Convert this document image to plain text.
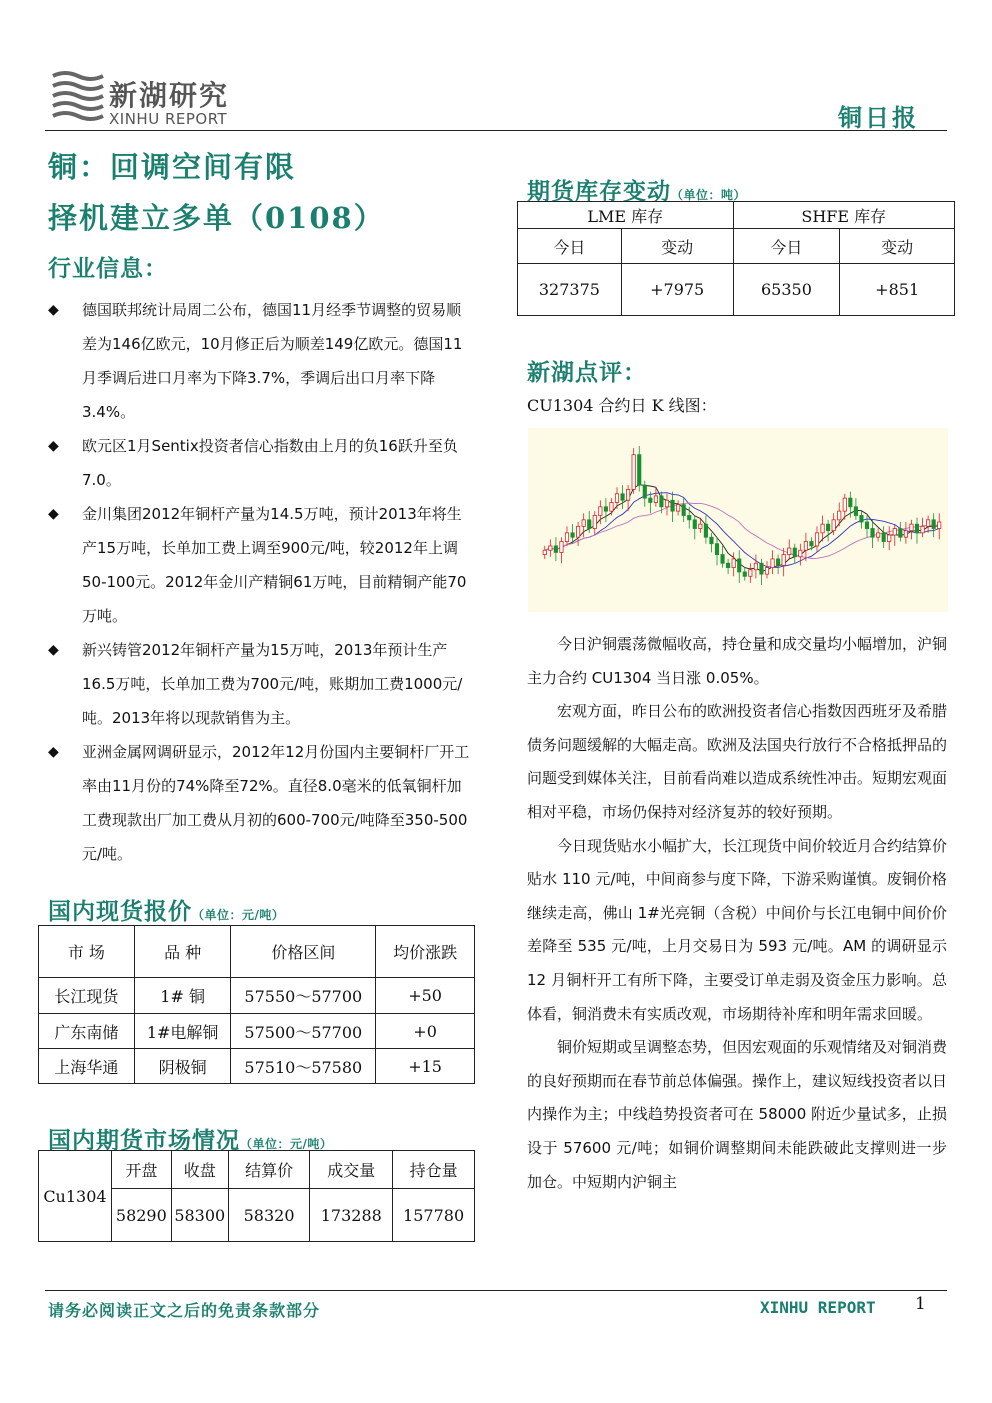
新湖研究
XINHU REPORT	铜日报
铜：回调空间有限
择机建立多单（0108）
行业信息：
◆ 德国联邦统计局周二公布，德国11月经季节调整的贸易顺差为146亿欧元，10月修正后为顺差149亿欧元。德国11月季调后进口月率为下降3.7%，季调后出口月率下降3.4%。
◆ 欧元区1月Sentix投资者信心指数由上月的负16跃升至负7.0。
◆ 金川集团2012年铜杆产量为14.5万吨，预计2013年将生产15万吨，长单加工费上调至900元/吨，较2012年上调50-100元。2012年金川产精铜61万吨，目前精铜产能70万吨。
◆ 新兴铸管2012年铜杆产量为15万吨，2013年预计生产16.5万吨，长单加工费为700元/吨，账期加工费1000元/吨。2013年将以现款销售为主。
◆ 亚洲金属网调研显示，2012年12月份国内主要铜杆厂开工率由11月份的74%降至72%。直径8.0毫米的低氧铜杆加工费现款出厂加工费从月初的600-700元/吨降至350-500元/吨。
国内现货报价（单位：元/吨）
市 场	品 种	价格区间	均价涨跌
长江现货	1# 铜	57550～57700	+50
广东南储	1#电解铜	57500～57700	+0
上海华通	阴极铜	57510～57580	+15
国内期货市场情况（单位：元/吨）
Cu1304	开盘	收盘	结算价	成交量	持仓量
	58290	58300	58320	173288	157780
期货库存变动（单位：吨）
LME 库存		SHFE 库存	
今日	变动	今日	变动
327375	+7975	65350	+851
新湖点评：
CU1304 合约日 K 线图：

今日沪铜震荡微幅收高，持仓量和成交量均小幅增加，沪铜主力合约 CU1304 当日涨 0.05%。

宏观方面，昨日公布的欧洲投资者信心指数因西班牙及希腊债务问题缓解的大幅走高。欧洲及法国央行放行不合格抵押品的问题受到媒体关注，目前看尚难以造成系统性冲击。短期宏观面相对平稳，市场仍保持对经济复苏的较好预期。

今日现货贴水小幅扩大，长江现货中间价较近月合约结算价贴水 110 元/吨，中间商参与度下降，下游采购谨慎。废铜价格继续走高，佛山 1#光亮铜（含税）中间价与长江电铜中间价价差降至 535 元/吨，上月交易日为 593 元/吨。AM 的调研显示 12 月铜杆开工有所下降，主要受订单走弱及资金压力影响。总体看，铜消费未有实质改观，市场期待补库和明年需求回暖。

铜价短期或呈调整态势，但因宏观面的乐观情绪及对铜消费的良好预期而在春节前总体偏强。操作上，建议短线投资者以日内操作为主；中线趋势投资者可在 58000 附近少量试多，止损设于 57600 元/吨；如铜价调整期间未能跌破此支撑则进一步加仓。中短期内沪铜主

请务必阅读正文之后的免责条款部分	XINHU REPORT 1
